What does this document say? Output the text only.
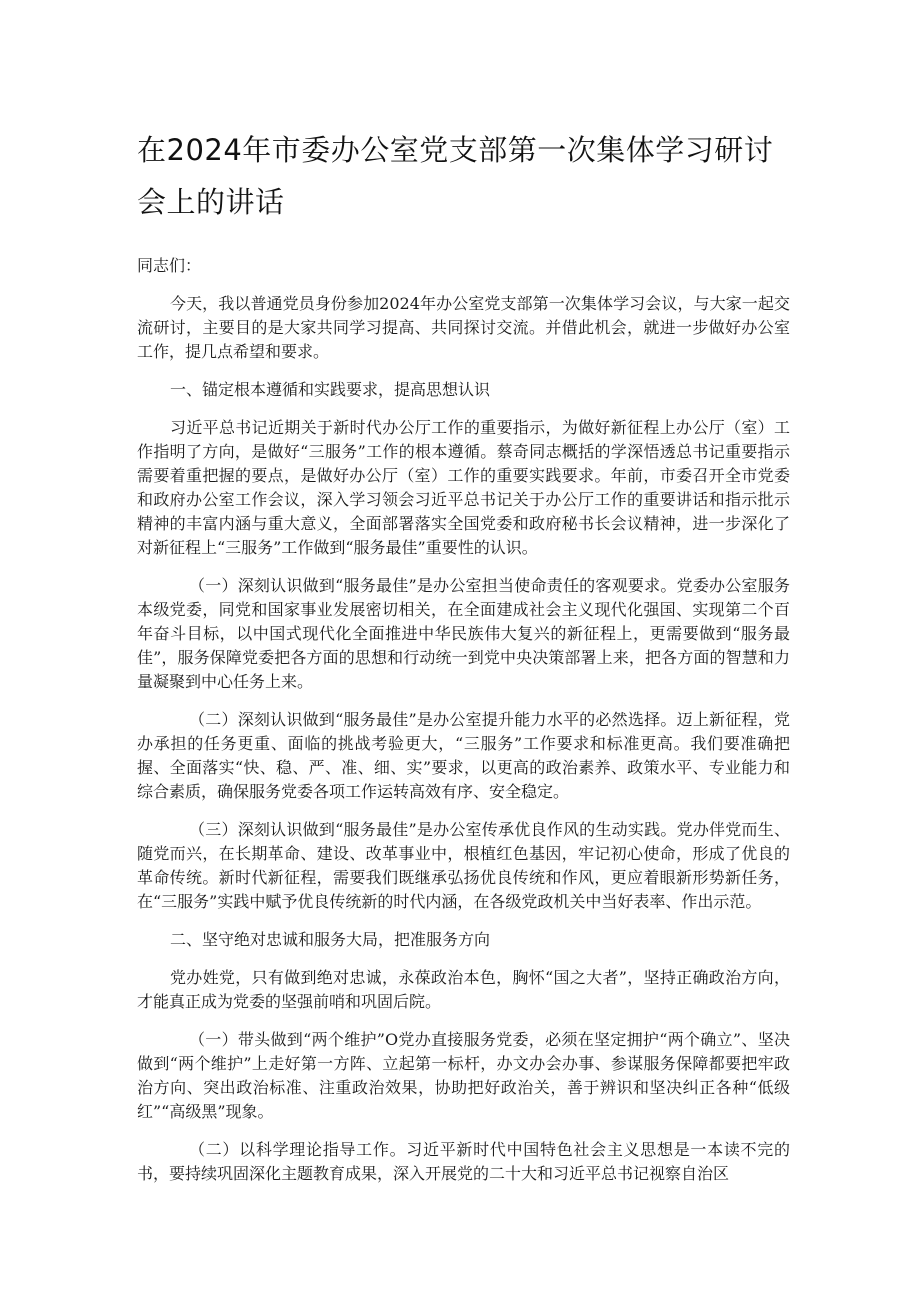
在2024年市委办公室党支部第一次集体学习研讨会上的讲话

同志们：

今天，我以普通党员身份参加2024年办公室党支部第一次集体学习会议，与大家一起交流研讨，主要目的是大家共同学习提高、共同探讨交流。并借此机会，就进一步做好办公室工作，提几点希望和要求。

一、锚定根本遵循和实践要求，提高思想认识

习近平总书记近期关于新时代办公厅工作的重要指示，为做好新征程上办公厅（室）工作指明了方向，是做好“三服务”工作的根本遵循。蔡奇同志概括的学深悟透总书记重要指示需要着重把握的要点，是做好办公厅（室）工作的重要实践要求。年前，市委召开全市党委和政府办公室工作会议，深入学习领会习近平总书记关于办公厅工作的重要讲话和指示批示精神的丰富内涵与重大意义，全面部署落实全国党委和政府秘书长会议精神，进一步深化了对新征程上“三服务”工作做到“服务最佳”重要性的认识。

（一）深刻认识做到“服务最佳”是办公室担当使命责任的客观要求。党委办公室服务本级党委，同党和国家事业发展密切相关，在全面建成社会主义现代化强国、实现第二个百年奋斗目标，以中国式现代化全面推进中华民族伟大复兴的新征程上，更需要做到“服务最佳”，服务保障党委把各方面的思想和行动统一到党中央决策部署上来，把各方面的智慧和力量凝聚到中心任务上来。

（二）深刻认识做到“服务最佳”是办公室提升能力水平的必然选择。迈上新征程，党办承担的任务更重、面临的挑战考验更大，“三服务”工作要求和标准更高。我们要准确把握、全面落实“快、稳、严、准、细、实”要求，以更高的政治素养、政策水平、专业能力和综合素质，确保服务党委各项工作运转高效有序、安全稳定。

（三）深刻认识做到“服务最佳”是办公室传承优良作风的生动实践。党办伴党而生、随党而兴，在长期革命、建设、改革事业中，根植红色基因，牢记初心使命，形成了优良的革命传统。新时代新征程，需要我们既继承弘扬优良传统和作风，更应着眼新形势新任务，在“三服务”实践中赋予优良传统新的时代内涵，在各级党政机关中当好表率、作出示范。

二、坚守绝对忠诚和服务大局，把准服务方向

党办姓党，只有做到绝对忠诚，永葆政治本色，胸怀“国之大者”，坚持正确政治方向，才能真正成为党委的坚强前哨和巩固后院。

（一）带头做到“两个维护”O党办直接服务党委，必须在坚定拥护“两个确立”、坚决做到“两个维护”上走好第一方阵、立起第一标杆，办文办会办事、参谋服务保障都要把牢政治方向、突出政治标准、注重政治效果，协助把好政治关，善于辨识和坚决纠正各种“低级红”“高级黑”现象。

（二）以科学理论指导工作。习近平新时代中国特色社会主义思想是一本读不完的书，要持续巩固深化主题教育成果，深入开展党的二十大和习近平总书记视察自治区
